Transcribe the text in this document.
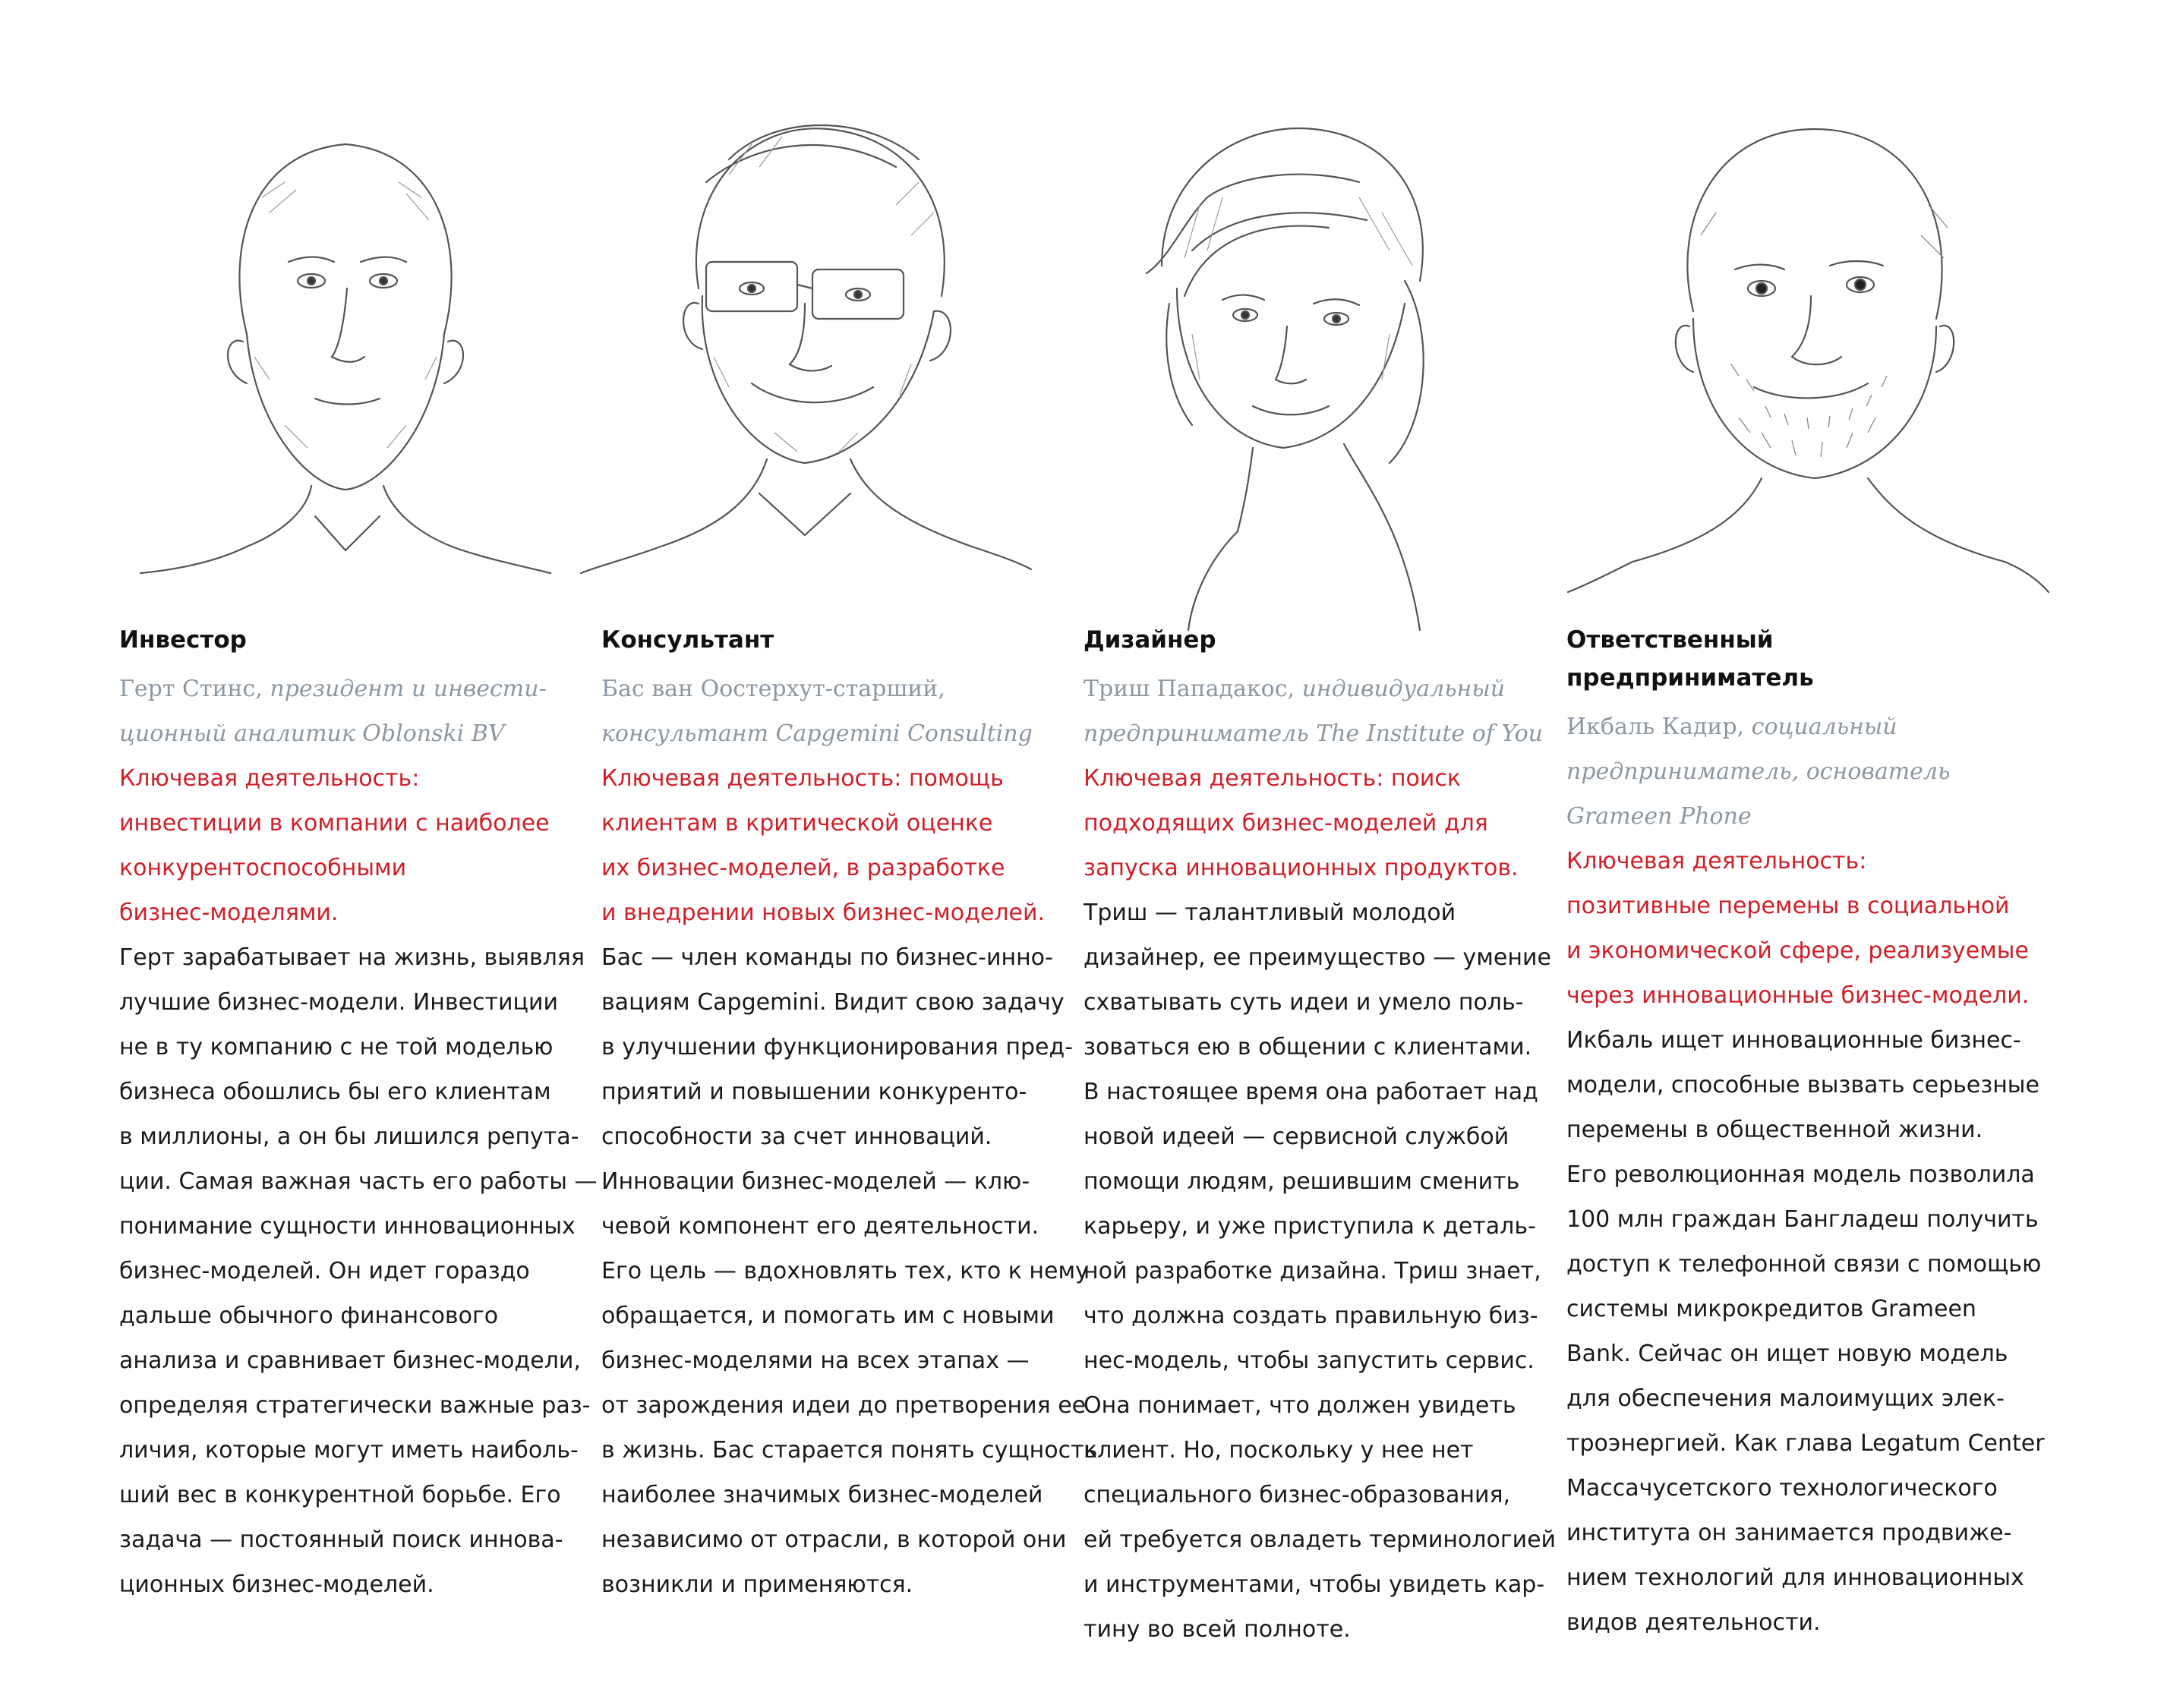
Инвестор
Герт Стинс, президент и инвести-
ционный аналитик Oblonski BV
Ключевая деятельность:
инвестиции в компании с наиболее
конкурентоспособными
бизнес-моделями.
Герт зарабатывает на жизнь, выявляя
лучшие бизнес-модели. Инвестиции
не в ту компанию с не той моделью
бизнеса обошлись бы его клиентам
в миллионы, а он бы лишился репута-
ции. Самая важная часть его работы —
понимание сущности инновационных
бизнес-моделей. Он идет гораздо
дальше обычного финансового
анализа и сравнивает бизнес-модели,
определяя стратегически важные раз-
личия, которые могут иметь наиболь-
ший вес в конкурентной борьбе. Его
задача — постоянный поиск иннова-
ционных бизнес-моделей.
Консультант
Бас ван Оостерхут-старший,
консультант Capgemini Consulting
Ключевая деятельность: помощь
клиентам в критической оценке
их бизнес-моделей, в разработке
и внедрении новых бизнес-моделей.
Бас — член команды по бизнес-инно-
вациям Capgemini. Видит свою задачу
в улучшении функционирования пред-
приятий и повышении конкуренто-
способности за счет инноваций.
Инновации бизнес-моделей — клю-
чевой компонент его деятельности.
Его цель — вдохновлять тех, кто к нему
обращается, и помогать им с новыми
бизнес-моделями на всех этапах —
от зарождения идеи до претворения ее
в жизнь. Бас старается понять сущность
наиболее значимых бизнес-моделей
независимо от отрасли, в которой они
возникли и применяются.
Дизайнер
Триш Пападакос, индивидуальный
предприниматель The Institute of You
Ключевая деятельность: поиск
подходящих бизнес-моделей для
запуска инновационных продуктов.
Триш — талантливый молодой
дизайнер, ее преимущество — умение
схватывать суть идеи и умело поль-
зоваться ею в общении с клиентами.
В настоящее время она работает над
новой идеей — сервисной службой
помощи людям, решившим сменить
карьеру, и уже приступила к деталь-
ной разработке дизайна. Триш знает,
что должна создать правильную биз-
нес-модель, чтобы запустить сервис.
Она понимает, что должен увидеть
клиент. Но, поскольку у нее нет
специального бизнес-образования,
ей требуется овладеть терминологией
и инструментами, чтобы увидеть кар-
тину во всей полноте.
Ответственный предприниматель
Икбаль Кадир, социальный
предприниматель, основатель
Grameen Phone
Ключевая деятельность:
позитивные перемены в социальной
и экономической сфере, реализуемые
через инновационные бизнес-модели.
Икбаль ищет инновационные бизнес-
модели, способные вызвать серьезные
перемены в общественной жизни.
Его революционная модель позволила
100 млн граждан Бангладеш получить
доступ к телефонной связи с помощью
системы микрокредитов Grameen
Bank. Сейчас он ищет новую модель
для обеспечения малоимущих элек-
троэнергией. Как глава Legatum Center
Массачусетского технологического
института он занимается продвиже-
нием технологий для инновационных
видов деятельности.
